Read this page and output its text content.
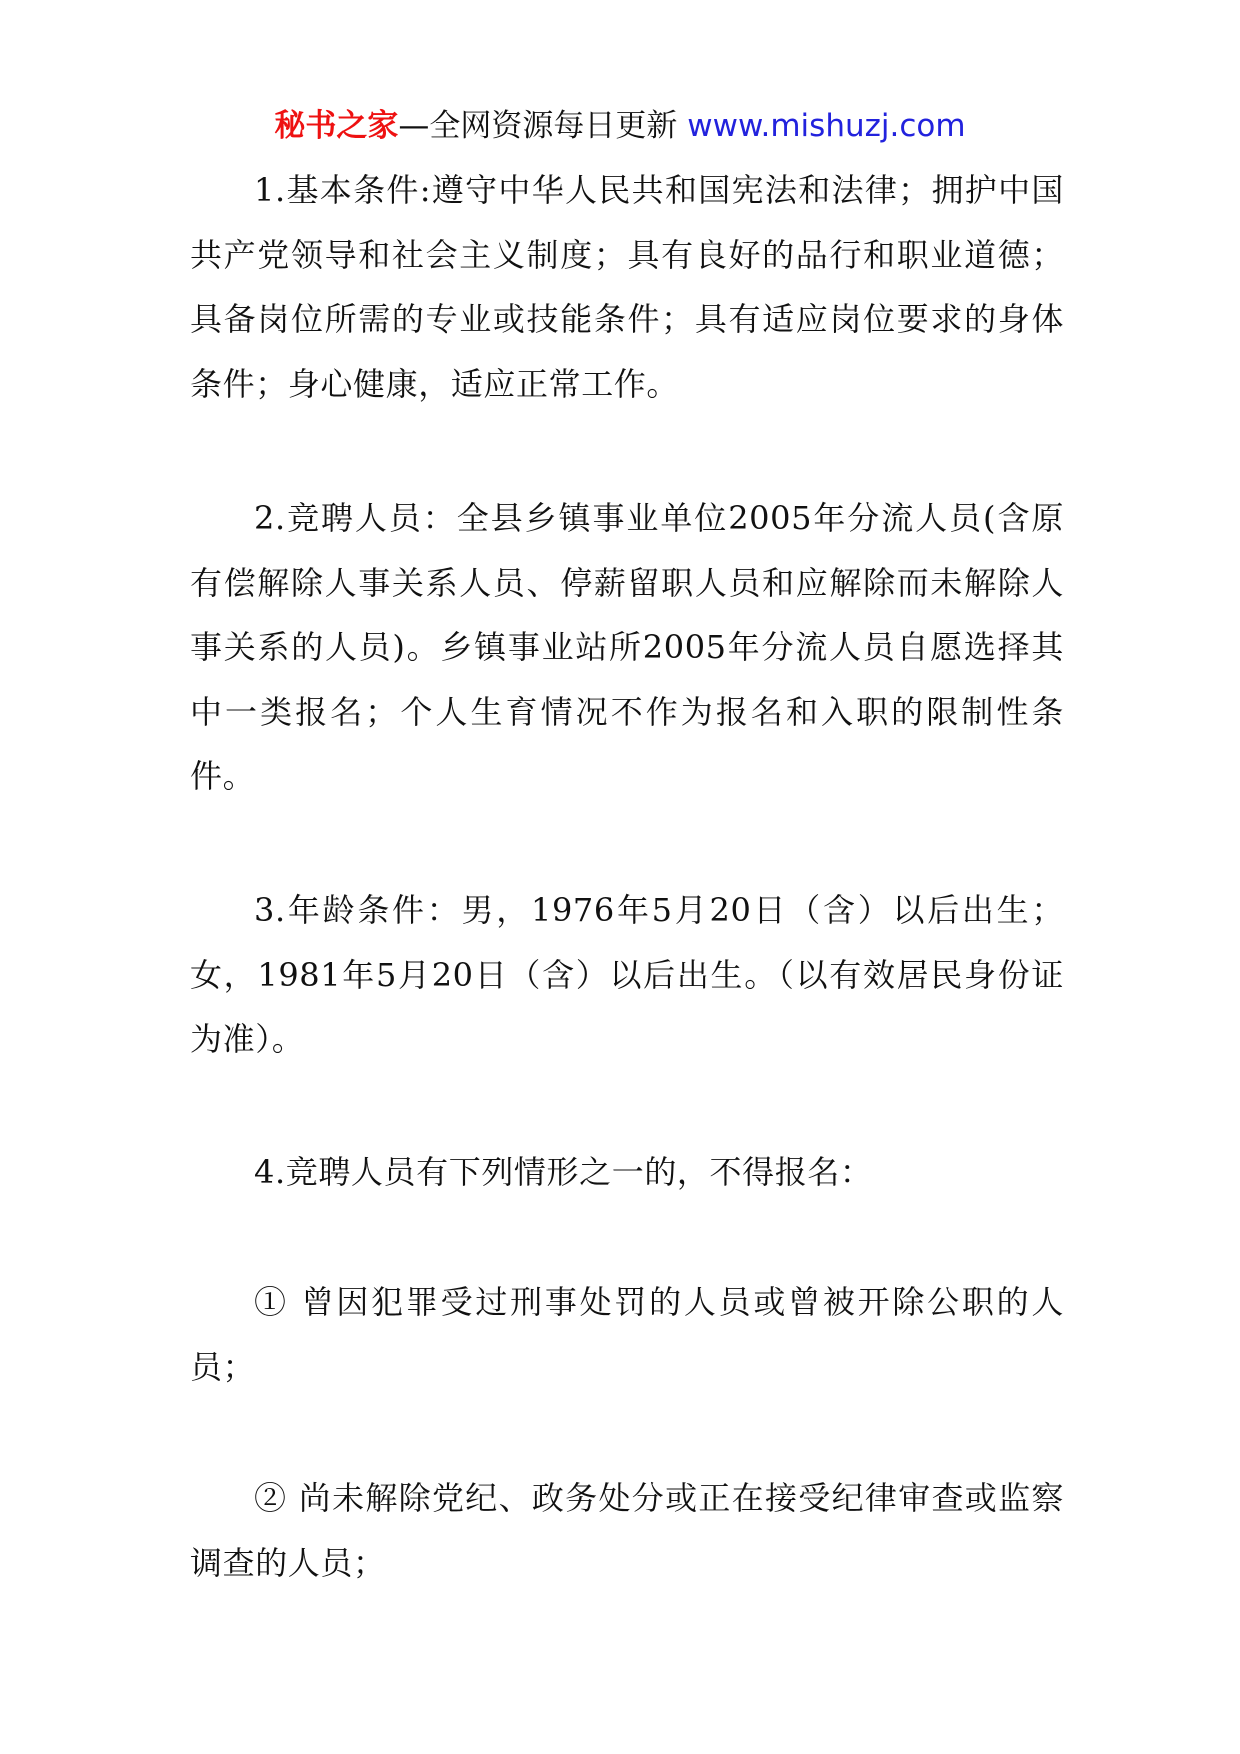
秘书之家—全网资源每日更新 www.mishuzj.com

1.基本条件:遵守中华人民共和国宪法和法律；拥护中国共产党领导和社会主义制度；具有良好的品行和职业道德；具备岗位所需的专业或技能条件；具有适应岗位要求的身体条件；身心健康，适应正常工作。

2.竞聘人员：全县乡镇事业单位2005年分流人员(含原有偿解除人事关系人员、停薪留职人员和应解除而未解除人事关系的人员)。乡镇事业站所2005年分流人员自愿选择其中一类报名；个人生育情况不作为报名和入职的限制性条件。

3.年龄条件：男，1976年5月20日（含）以后出生；女，1981年5月20日（含）以后出生。（以有效居民身份证为准）。

4.竞聘人员有下列情形之一的，不得报名：

① 曾因犯罪受过刑事处罚的人员或曾被开除公职的人员；

② 尚未解除党纪、政务处分或正在接受纪律审查或监察调查的人员；
